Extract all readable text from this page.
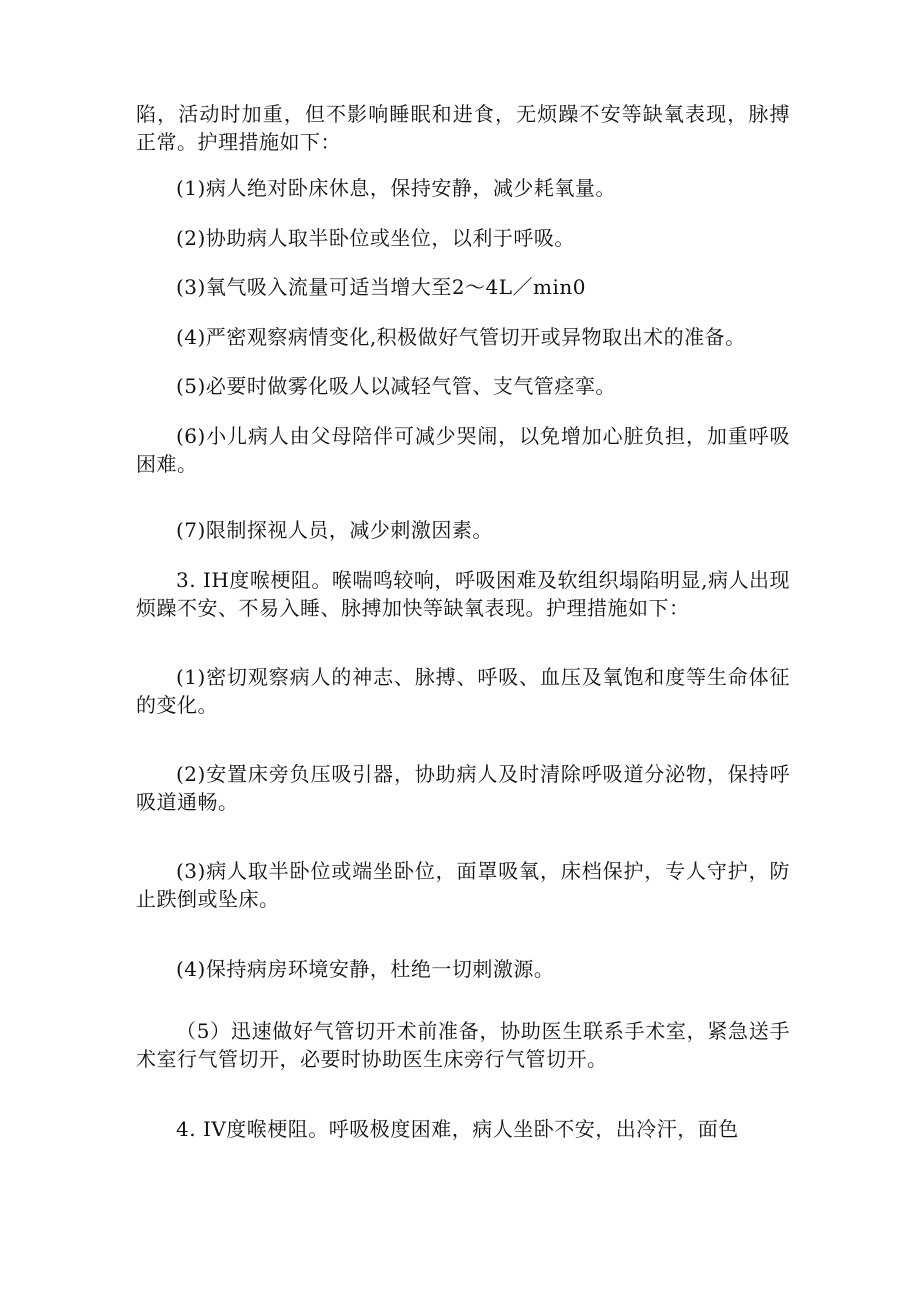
陷，活动时加重，但不影响睡眠和进食，无烦躁不安等缺氧表现，脉搏正常。护理措施如下：

(1)病人绝对卧床休息，保持安静，减少耗氧量。

(2)协助病人取半卧位或坐位，以利于呼吸。

(3)氧气吸入流量可适当增大至2～4L／min0

(4)严密观察病情变化,积极做好气管切开或异物取出术的准备。

(5)必要时做雾化吸人以减轻气管、支气管痉挛。

(6)小儿病人由父母陪伴可减少哭闹，以免增加心脏负担，加重呼吸困难。

(7)限制探视人员，减少刺激因素。

3. IH度喉梗阻。喉喘鸣较响，呼吸困难及软组织塌陷明显,病人出现烦躁不安、不易入睡、脉搏加快等缺氧表现。护理措施如下：

(1)密切观察病人的神志、脉搏、呼吸、血压及氧饱和度等生命体征的变化。

(2)安置床旁负压吸引器，协助病人及时清除呼吸道分泌物，保持呼吸道通畅。

(3)病人取半卧位或端坐卧位，面罩吸氧，床档保护，专人守护，防止跌倒或坠床。

(4)保持病房环境安静，杜绝一切刺激源。

（5）迅速做好气管切开术前准备，协助医生联系手术室，紧急送手术室行气管切开，必要时协助医生床旁行气管切开。

4. IV度喉梗阻。呼吸极度困难，病人坐卧不安，出冷汗，面色
